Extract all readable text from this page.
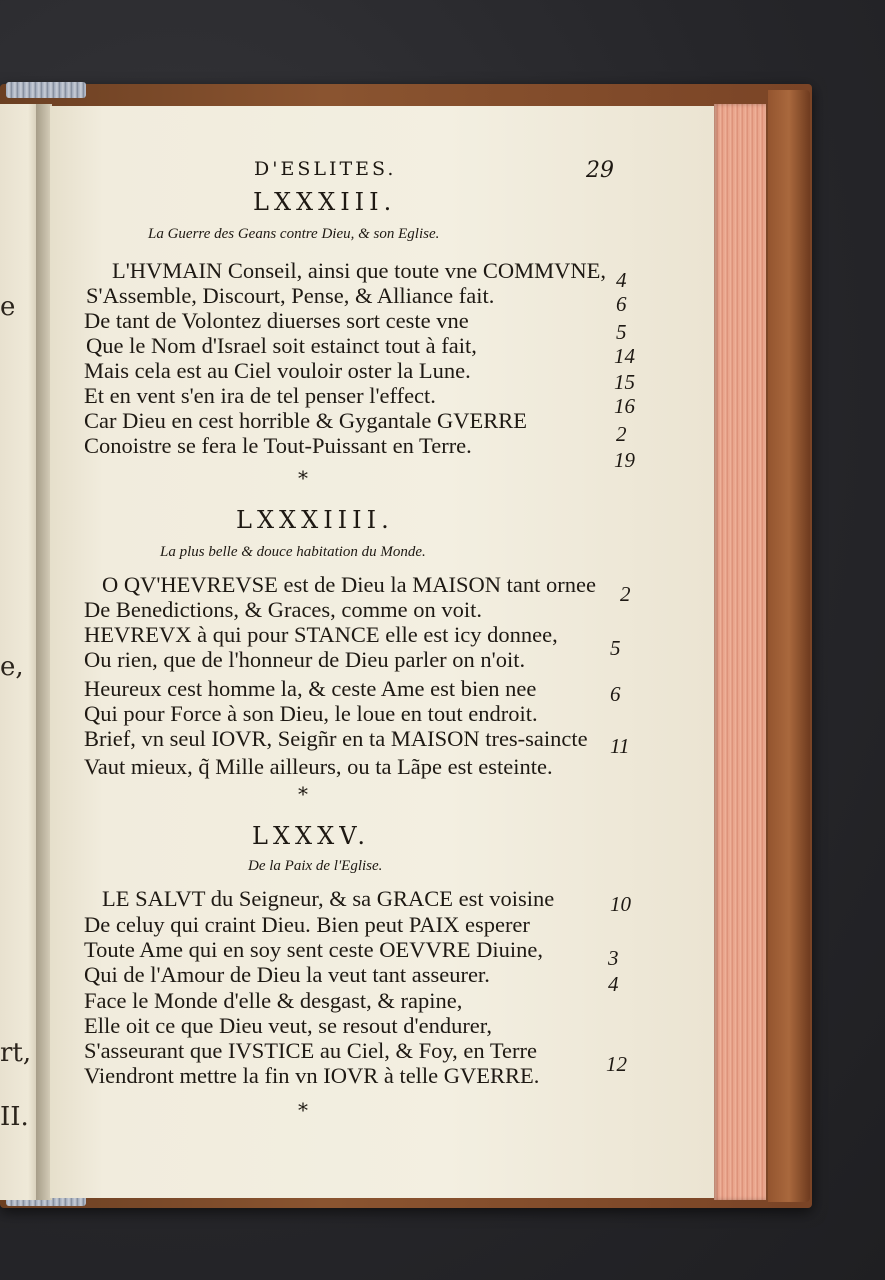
e
e,
rt,
II.
D'ESLITES.	29
LXXXIII.
La Guerre des Geans contre Dieu, & son Eglise.
L'HVMAIN Conseil, ainsi que toute vne COMMVNE,
S'Assemble, Discourt, Pense, & Alliance fait.
De tant de Volontez diuerses sort ceste vne
Que le Nom d'Israel soit estainct tout à fait,
Mais cela est au Ciel vouloir oster la Lune.
Et en vent s'en ira de tel penser l'effect.
Car Dieu en cest horrible & Gygantale GVERRE
Conoistre se fera le Tout-Puissant en Terre.
4
6
5
14
15
16
2
19
*
LXXXIIII.
La plus belle & douce habitation du Monde.
O QV'HEVREVSE est de Dieu la MAISON tant ornee
De Benedictions, & Graces, comme on voit.
HEVREVX à qui pour STANCE elle est icy donnee,
Ou rien, que de l'honneur de Dieu parler on n'oit.
Heureux cest homme la, & ceste Ame est bien nee
Qui pour Force à son Dieu, le loue en tout endroit.
Brief, vn seul IOVR, Seigñr en ta MAISON tres-saincte
Vaut mieux, q̃ Mille ailleurs, ou ta Lãpe est esteinte.
2
5
6
11
*
LXXXV.
De la Paix de l'Eglise.
LE SALVT du Seigneur, & sa GRACE est voisine
De celuy qui craint Dieu. Bien peut PAIX esperer
Toute Ame qui en soy sent ceste OEVVRE Diuine,
Qui de l'Amour de Dieu la veut tant asseurer.
Face le Monde d'elle & desgast, & rapine,
Elle oit ce que Dieu veut, se resout d'endurer,
S'asseurant que IVSTICE au Ciel, & Foy, en Terre
Viendront mettre la fin vn IOVR à telle GVERRE.
10
3
4
12
*
